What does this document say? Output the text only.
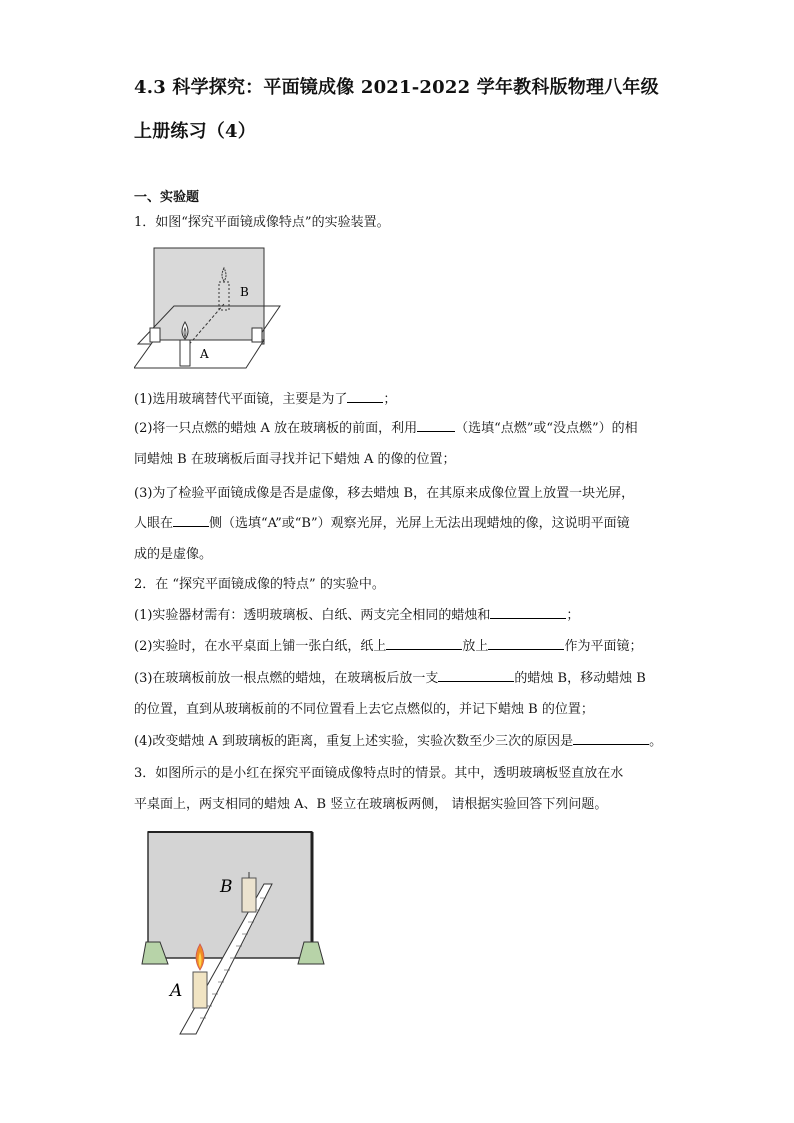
4.3 科学探究：平面镜成像 2021-2022 学年教科版物理八年级

上册练习（4）
一、实验题
1．如图“探究平面镜成像特点”的实验装置。
B
A
(1)选用玻璃替代平面镜，主要是为了	；
(2)将一只点燃的蜡烛 A 放在玻璃板的前面，利用	（选填“点燃”或“没点燃”）的相
同蜡烛 B 在玻璃板后面寻找并记下蜡烛 A 的像的位置；
(3)为了检验平面镜成像是否是虚像，移去蜡烛 B，在其原来成像位置上放置一块光屏，
人眼在	侧（选填“A”或“B”）观察光屏，光屏上无法出现蜡烛的像，这说明平面镜
成的是虚像。
2．在 “探究平面镜成像的特点” 的实验中。
(1)实验器材需有：透明玻璃板、白纸、两支完全相同的蜡烛和	；
(2)实验时，在水平桌面上铺一张白纸，纸上	放上	作为平面镜；
(3)在玻璃板前放一根点燃的蜡烛，在玻璃板后放一支	的蜡烛 B，移动蜡烛 B
的位置，直到从玻璃板前的不同位置看上去它点燃似的，并记下蜡烛 B 的位置；
(4)改变蜡烛 A 到玻璃板的距离，重复上述实验，实验次数至少三次的原因是	。
3．如图所示的是小红在探究平面镜成像特点时的情景。其中，透明玻璃板竖直放在水
平桌面上，两支相同的蜡烛 A、B 竖立在玻璃板两侧， 请根据实验回答下列问题。
B
A
